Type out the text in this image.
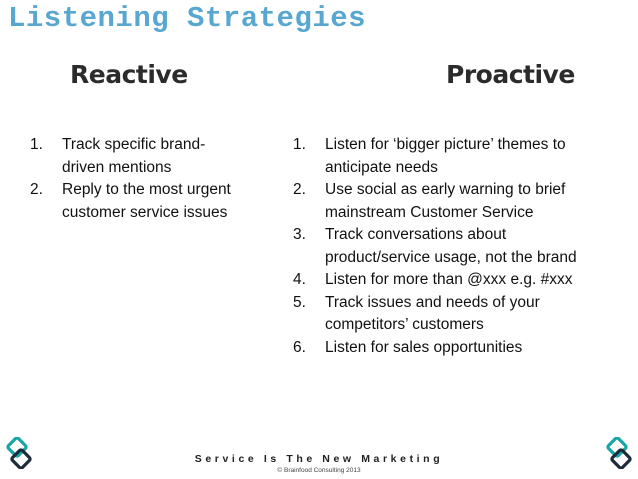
Listening Strategies
Reactive	Proactive
1. Track specific brand-driven mentions
2. Reply to the most urgent customer service issues
1. Listen for ‘bigger picture’ themes to anticipate needs
2. Use social as early warning to brief mainstream Customer Service
3. Track conversations about product/service usage, not the brand
4. Listen for more than @xxx e.g. #xxx
5. Track issues and needs of your competitors’ customers
6. Listen for sales opportunities
Service Is The New Marketing
© Brainfood Consulting 2013
